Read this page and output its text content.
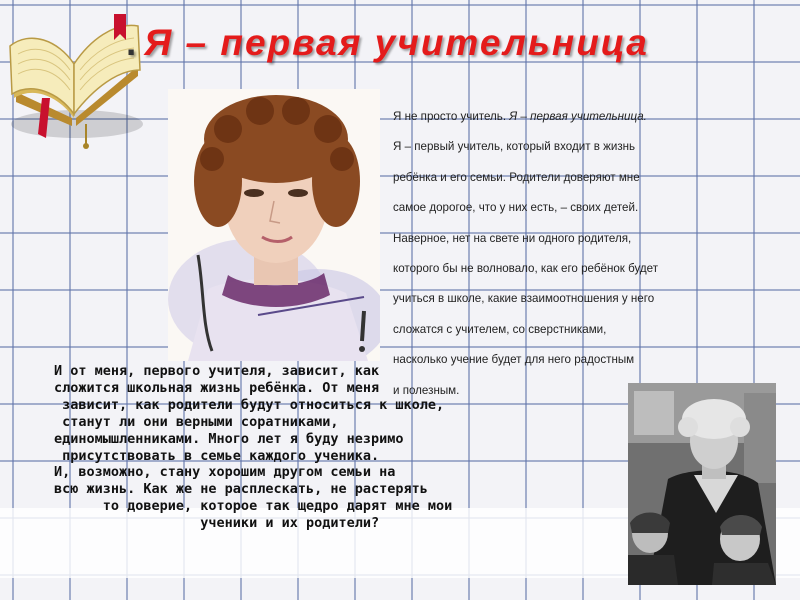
. Я – первая учительница

Я не просто учитель. Я – первая учительница.

Я – первый учитель, который входит в жизнь

ребёнка и его семьи. Родители доверяют мне

самое дорогое, что у них есть, – своих детей.

Наверное, нет на свете ни одного родителя,

которого бы не волновало, как его ребёнок будет

учиться в школе, какие взаимоотношения у него

сложатся с учителем, со сверстниками,

насколько учение будет для него радостным

и полезным.

И от меня, первого учителя, зависит, как
сложится школьная жизнь ребёнка. От меня
зависит, как родители будут относиться к школе,
станут ли они верными соратниками,
единомышленниками. Много лет я буду незримо
присутствовать в семье каждого ученика.
И, возможно, стану хорошим другом семьи на
всю жизнь. Как же не расплескать, не растерять
то доверие, которое так щедро дарят мне мои
ученики и их родители?
